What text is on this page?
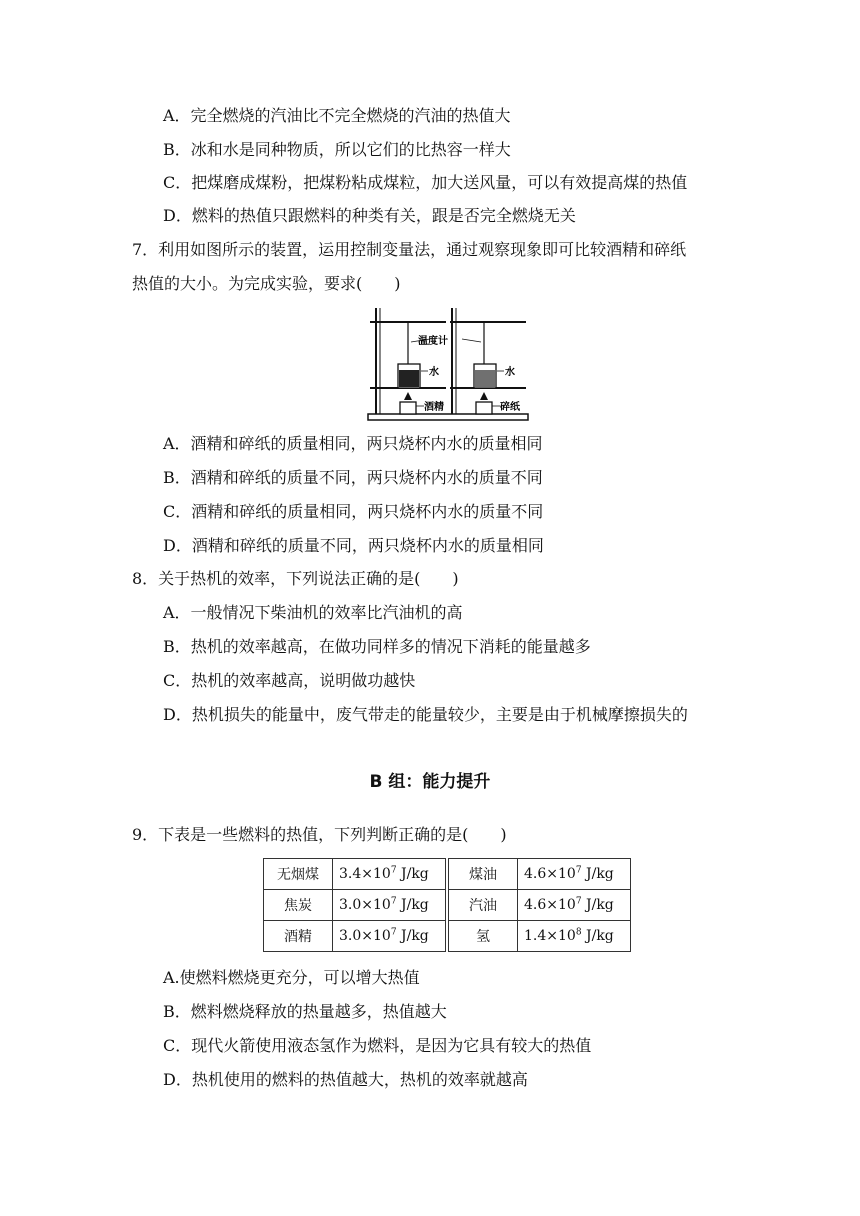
A．完全燃烧的汽油比不完全燃烧的汽油的热值大
B．冰和水是同种物质，所以它们的比热容一样大
C．把煤磨成煤粉，把煤粉粘成煤粒，加大送风量，可以有效提高煤的热值
D．燃料的热值只跟燃料的种类有关，跟是否完全燃烧无关
7．利用如图所示的装置，运用控制变量法，通过观察现象即可比较酒精和碎纸
热值的大小。为完成实验，要求(　　)
温度计
水	水
酒精	碎纸
A．酒精和碎纸的质量相同，两只烧杯内水的质量相同
B．酒精和碎纸的质量不同，两只烧杯内水的质量不同
C．酒精和碎纸的质量相同，两只烧杯内水的质量不同
D．酒精和碎纸的质量不同，两只烧杯内水的质量相同
8．关于热机的效率，下列说法正确的是(　　)
A．一般情况下柴油机的效率比汽油机的高
B．热机的效率越高，在做功同样多的情况下消耗的能量越多
C．热机的效率越高，说明做功越快
D．热机损失的能量中，废气带走的能量较少，主要是由于机械摩擦损失的
B 组：能力提升
9．下表是一些燃料的热值，下列判断正确的是(　　)
无烟煤	$3.4\times 10^7$ J/kg		煤油	$4.6\times 10^7$ J/kg
焦炭	$3.0\times 10^7$ J/kg		汽油	$4.6\times 10^7$ J/kg
酒精	$3.0\times 10^7$ J/kg		氢	$1.4\times 10^8$ J/kg
A.使燃料燃烧更充分，可以增大热值
B．燃料燃烧释放的热量越多，热值越大
C．现代火箭使用液态氢作为燃料，是因为它具有较大的热值
D．热机使用的燃料的热值越大，热机的效率就越高
